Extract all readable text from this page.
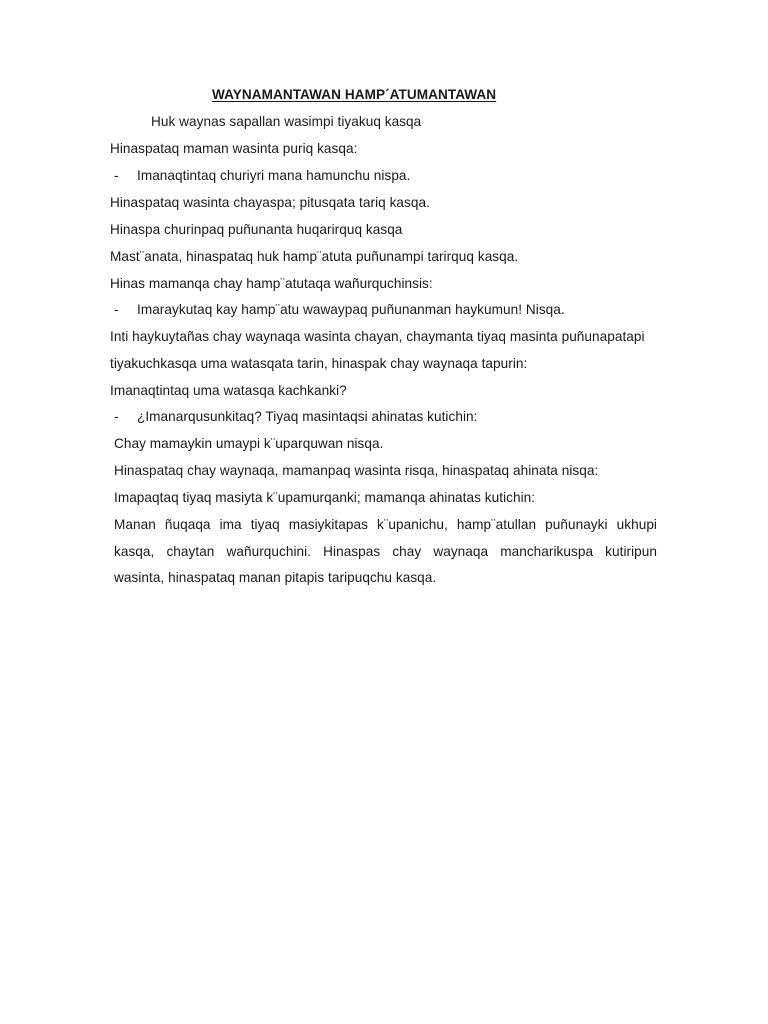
WAYNAMANTAWAN HAMP´ATUMANTAWAN
Huk waynas sapallan wasimpi tiyakuq kasqa
Hinaspataq maman wasinta puriq kasqa:
- Imanaqtintaq churiyri mana hamunchu nispa.
Hinaspataq wasinta chayaspa; pitusqata tariq kasqa.
Hinaspa churinpaq puñunanta huqarirquq kasqa
Mast¨anata, hinaspataq huk hamp¨atuta puñunampi tarirquq kasqa.
Hinas mamanqa chay hamp¨atutaqa wañurquchinsis:
- Imaraykutaq kay hamp¨atu wawaypaq puñunanman haykumun! Nisqa.
Inti haykuytañas chay waynaqa wasinta chayan, chaymanta tiyaq masinta puñunapatapi
tiyakuchkasqa uma watasqata tarin, hinaspak chay waynaqa tapurin:
Imanaqtintaq uma watasqa kachkanki?
- ¿Imanarqusunkitaq? Tiyaq masintaqsi ahinatas kutichin:
Chay mamaykin umaypi k¨uparquwan nisqa.
Hinaspataq chay waynaqa, mamanpaq wasinta risqa, hinaspataq ahinata nisqa:
Imapaqtaq tiyaq masiyta k¨upamurqanki; mamanqa ahinatas kutichin:
Manan ñuqaqa ima tiyaq masiykitapas k¨upanichu, hamp¨atullan puñunayki ukhupi
kasqa, chaytan wañurquchini. Hinaspas chay waynaqa mancharikuspa kutiripun
wasinta, hinaspataq manan pitapis taripuqchu kasqa.
